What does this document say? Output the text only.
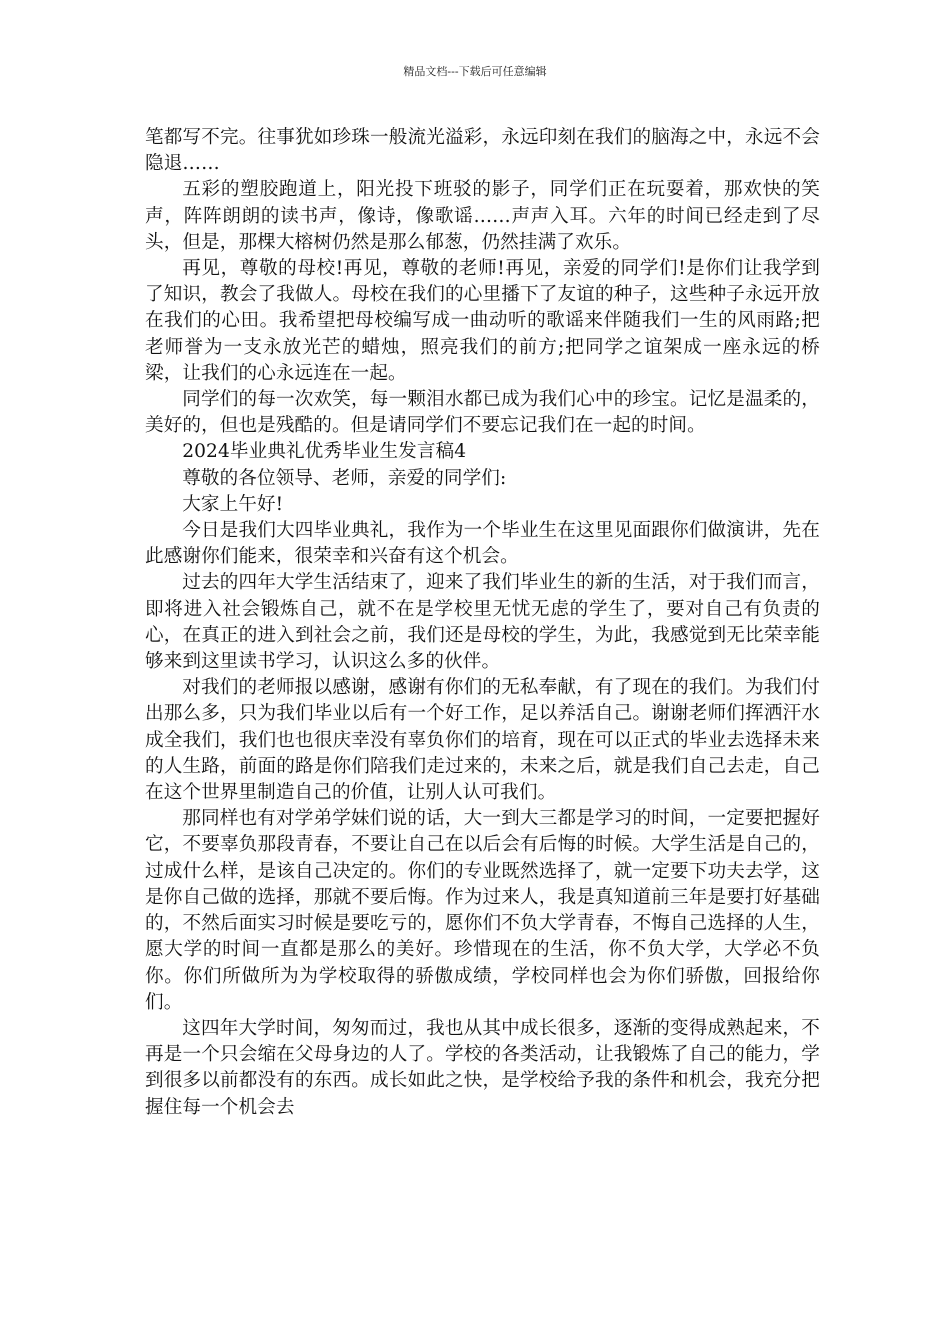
精品文档---下载后可任意编辑

笔都写不完。往事犹如珍珠一般流光溢彩，永远印刻在我们的脑海之中，永远不会隐退……

五彩的塑胶跑道上，阳光投下班驳的影子，同学们正在玩耍着，那欢快的笑声，阵阵朗朗的读书声，像诗，像歌谣……声声入耳。六年的时间已经走到了尽头，但是，那棵大榕树仍然是那么郁葱，仍然挂满了欢乐。

再见，尊敬的母校!再见，尊敬的老师!再见，亲爱的同学们!是你们让我学到了知识，教会了我做人。母校在我们的心里播下了友谊的种子，这些种子永远开放在我们的心田。我希望把母校编写成一曲动听的歌谣来伴随我们一生的风雨路;把老师誉为一支永放光芒的蜡烛，照亮我们的前方;把同学之谊架成一座永远的桥梁，让我们的心永远连在一起。

同学们的每一次欢笑，每一颗泪水都已成为我们心中的珍宝。记忆是温柔的，美好的，但也是残酷的。但是请同学们不要忘记我们在一起的时间。

2024毕业典礼优秀毕业生发言稿4

尊敬的各位领导、老师，亲爱的同学们:

大家上午好!

今日是我们大四毕业典礼，我作为一个毕业生在这里见面跟你们做演讲，先在此感谢你们能来，很荣幸和兴奋有这个机会。

过去的四年大学生活结束了，迎来了我们毕业生的新的生活，对于我们而言，即将进入社会锻炼自己，就不在是学校里无忧无虑的学生了，要对自己有负责的心，在真正的进入到社会之前，我们还是母校的学生，为此，我感觉到无比荣幸能够来到这里读书学习，认识这么多的伙伴。

对我们的老师报以感谢，感谢有你们的无私奉献，有了现在的我们。为我们付出那么多，只为我们毕业以后有一个好工作，足以养活自己。谢谢老师们挥洒汗水成全我们，我们也也很庆幸没有辜负你们的培育，现在可以正式的毕业去选择未来的人生路，前面的路是你们陪我们走过来的，未来之后，就是我们自己去走，自己在这个世界里制造自己的价值，让别人认可我们。

那同样也有对学弟学妹们说的话，大一到大三都是学习的时间，一定要把握好它，不要辜负那段青春，不要让自己在以后会有后悔的时候。大学生活是自己的，过成什么样，是该自己决定的。你们的专业既然选择了，就一定要下功夫去学，这是你自己做的选择，那就不要后悔。作为过来人，我是真知道前三年是要打好基础的，不然后面实习时候是要吃亏的，愿你们不负大学青春，不悔自己选择的人生，愿大学的时间一直都是那么的美好。珍惜现在的生活，你不负大学，大学必不负你。你们所做所为为学校取得的骄傲成绩，学校同样也会为你们骄傲，回报给你们。

这四年大学时间，匆匆而过，我也从其中成长很多，逐渐的变得成熟起来，不再是一个只会缩在父母身边的人了。学校的各类活动，让我锻炼了自己的能力，学到很多以前都没有的东西。成长如此之快，是学校给予我的条件和机会，我充分把握住每一个机会去
